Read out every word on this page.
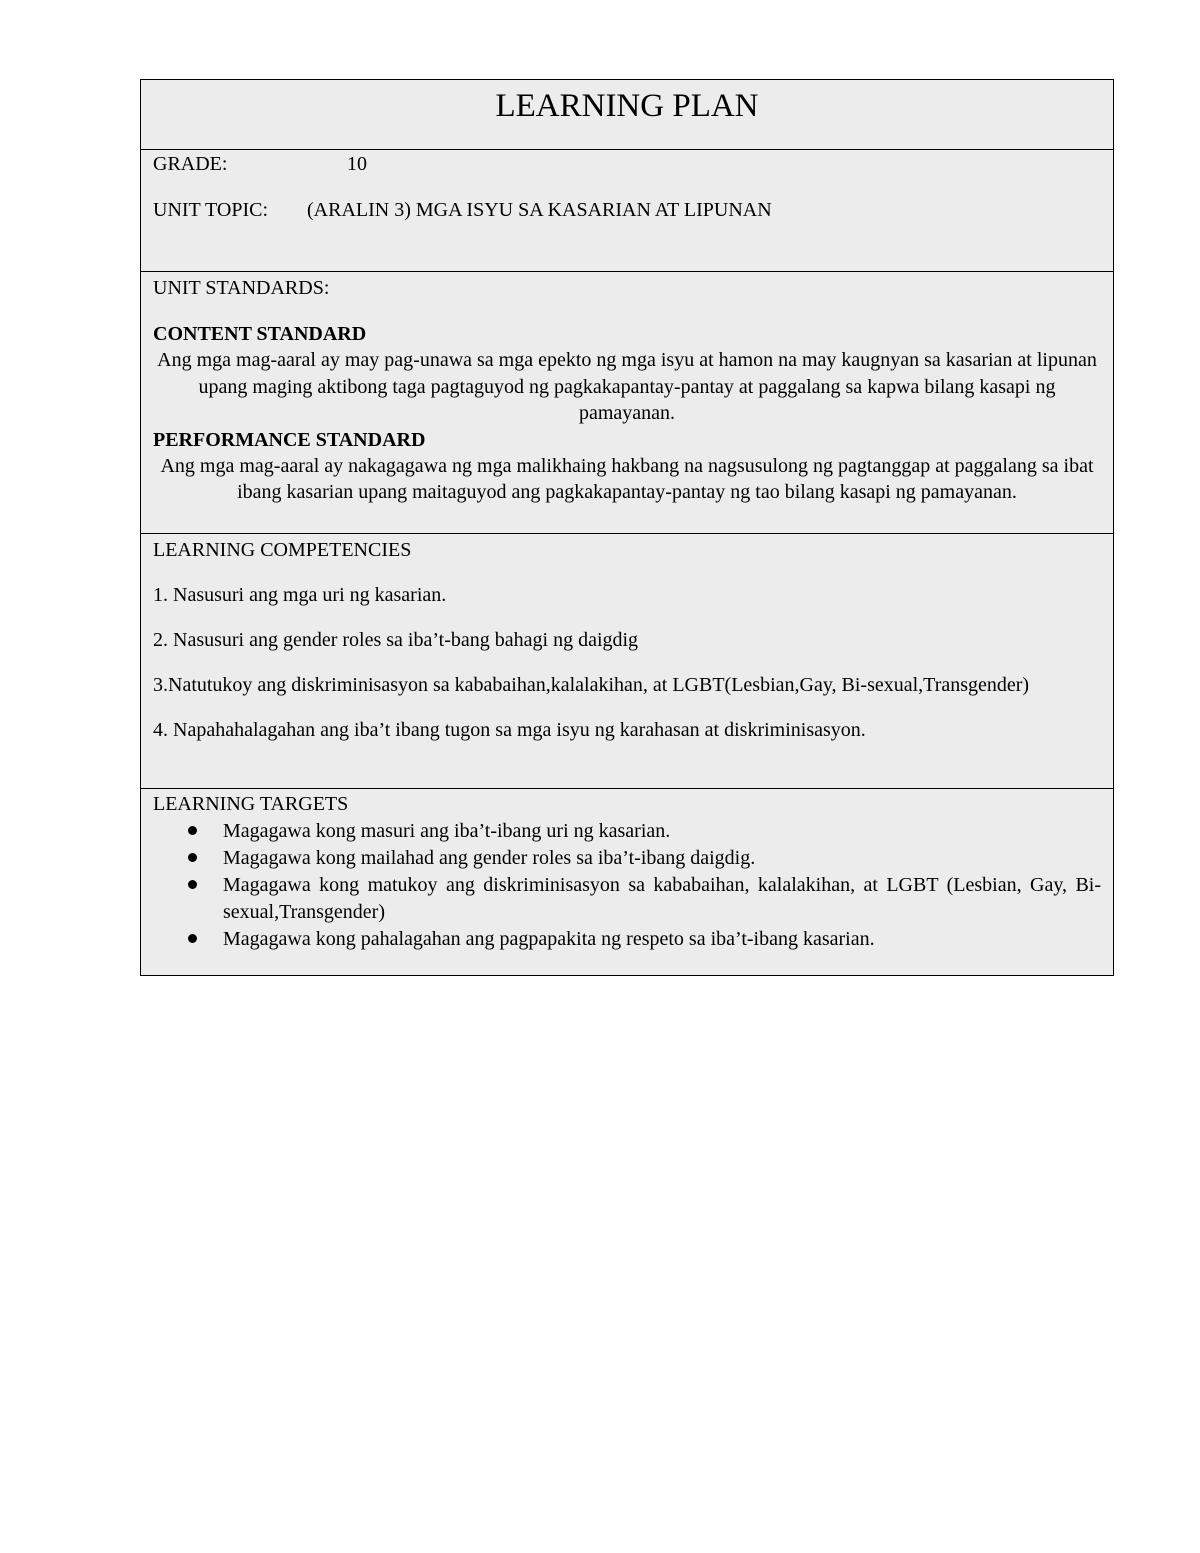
LEARNING PLAN
GRADE:	10
UNIT TOPIC: (ARALIN 3) MGA ISYU SA KASARIAN AT LIPUNAN
UNIT STANDARDS:
CONTENT STANDARD
Ang mga mag-aaral ay may pag-unawa sa mga epekto ng mga isyu at hamon na may kaugnyan sa kasarian at lipunan upang maging aktibong taga pagtaguyod ng pagkakapantay-pantay at paggalang sa kapwa bilang kasapi ng pamayanan.
PERFORMANCE STANDARD
Ang mga mag-aaral ay nakagagawa ng mga malikhaing hakbang na nagsusulong ng pagtanggap at paggalang sa ibat ibang kasarian upang maitaguyod ang pagkakapantay-pantay ng tao bilang kasapi ng pamayanan.

LEARNING COMPETENCIES

1. Nasusuri ang mga uri ng kasarian.

2. Nasusuri ang gender roles sa iba’t-bang bahagi ng daigdig

3.Natutukoy ang diskriminisasyon sa kababaihan,kalalakihan, at LGBT(Lesbian,Gay, Bi-sexual,Transgender)

4. Napahahalagahan ang iba’t ibang tugon sa mga isyu ng karahasan at diskriminisasyon.

LEARNING TARGETS
Magagawa kong masuri ang iba’t-ibang uri ng kasarian.
Magagawa kong mailahad ang gender roles sa iba’t-ibang daigdig.
Magagawa kong matukoy ang diskriminisasyon sa kababaihan, kalalakihan, at LGBT (Lesbian, Gay, Bi-sexual,Transgender)
Magagawa kong pahalagahan ang pagpapakita ng respeto sa iba’t-ibang kasarian.
